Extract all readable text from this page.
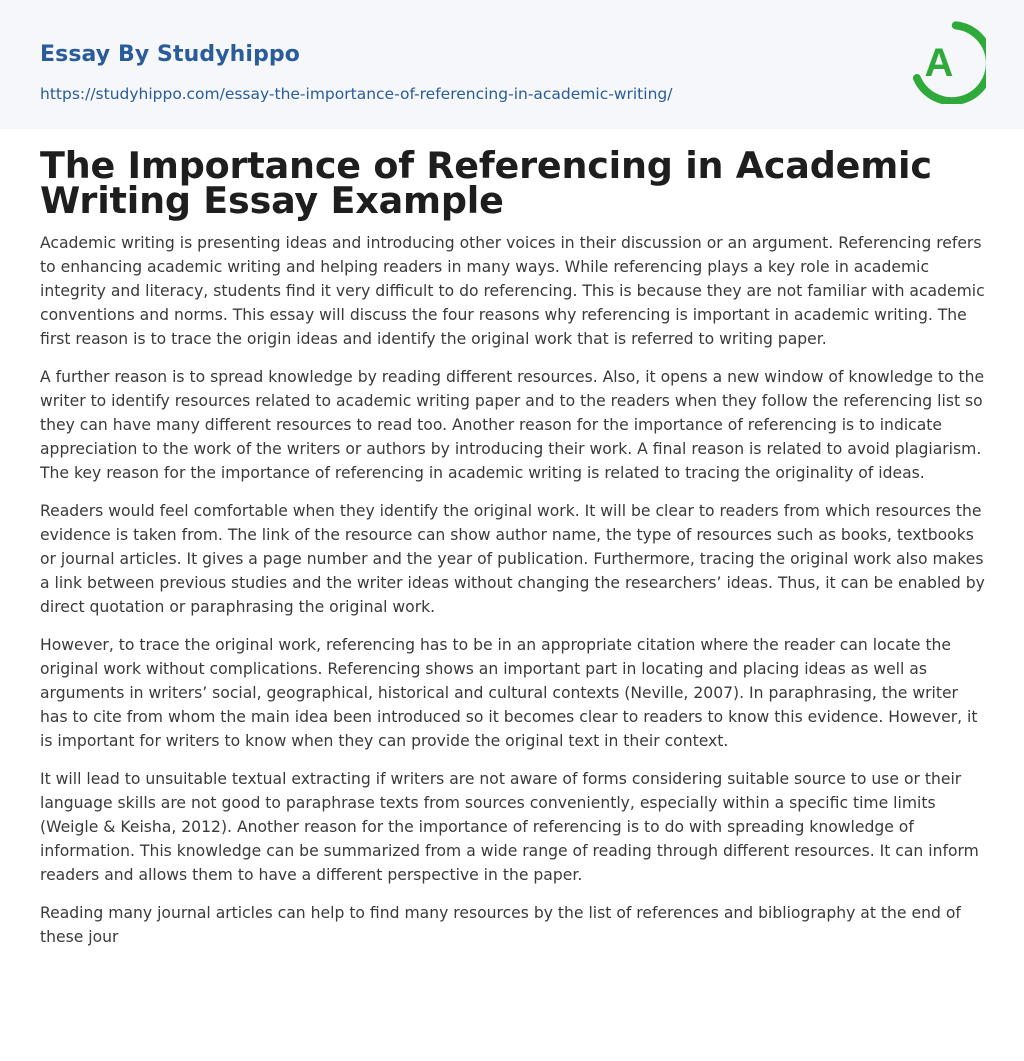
Essay By Studyhippo
https://studyhippo.com/essay-the-importance-of-referencing-in-academic-writing/
A
The Importance of Referencing in Academic Writing Essay Example

Academic writing is presenting ideas and introducing other voices in their discussion or an argument. Referencing refers to enhancing academic writing and helping readers in many ways. While referencing plays a key role in academic integrity and literacy, students find it very difficult to do referencing. This is because they are not familiar with academic conventions and norms. This essay will discuss the four reasons why referencing is important in academic writing. The first reason is to trace the origin ideas and identify the original work that is referred to writing paper.

A further reason is to spread knowledge by reading different resources. Also, it opens a new window of knowledge to the writer to identify resources related to academic writing paper and to the readers when they follow the referencing list so they can have many different resources to read too. Another reason for the importance of referencing is to indicate appreciation to the work of the writers or authors by introducing their work. A final reason is related to avoid plagiarism. The key reason for the importance of referencing in academic writing is related to tracing the originality of ideas.

Readers would feel comfortable when they identify the original work. It will be clear to readers from which resources the evidence is taken from. The link of the resource can show author name, the type of resources such as books, textbooks or journal articles. It gives a page number and the year of publication. Furthermore, tracing the original work also makes a link between previous studies and the writer ideas without changing the researchers’ ideas. Thus, it can be enabled by direct quotation or paraphrasing the original work.

However, to trace the original work, referencing has to be in an appropriate citation where the reader can locate the original work without complications. Referencing shows an important part in locating and placing ideas as well as arguments in writers’ social, geographical, historical and cultural contexts (Neville, 2007). In paraphrasing, the writer has to cite from whom the main idea been introduced so it becomes clear to readers to know this evidence. However, it is important for writers to know when they can provide the original text in their context.

It will lead to unsuitable textual extracting if writers are not aware of forms considering suitable source to use or their language skills are not good to paraphrase texts from sources conveniently, especially within a specific time limits (Weigle & Keisha, 2012). Another reason for the importance of referencing is to do with spreading knowledge of information. This knowledge can be summarized from a wide range of reading through different resources. It can inform readers and allows them to have a different perspective in the paper.

Reading many journal articles can help to find many resources by the list of references and bibliography at the end of these jour
